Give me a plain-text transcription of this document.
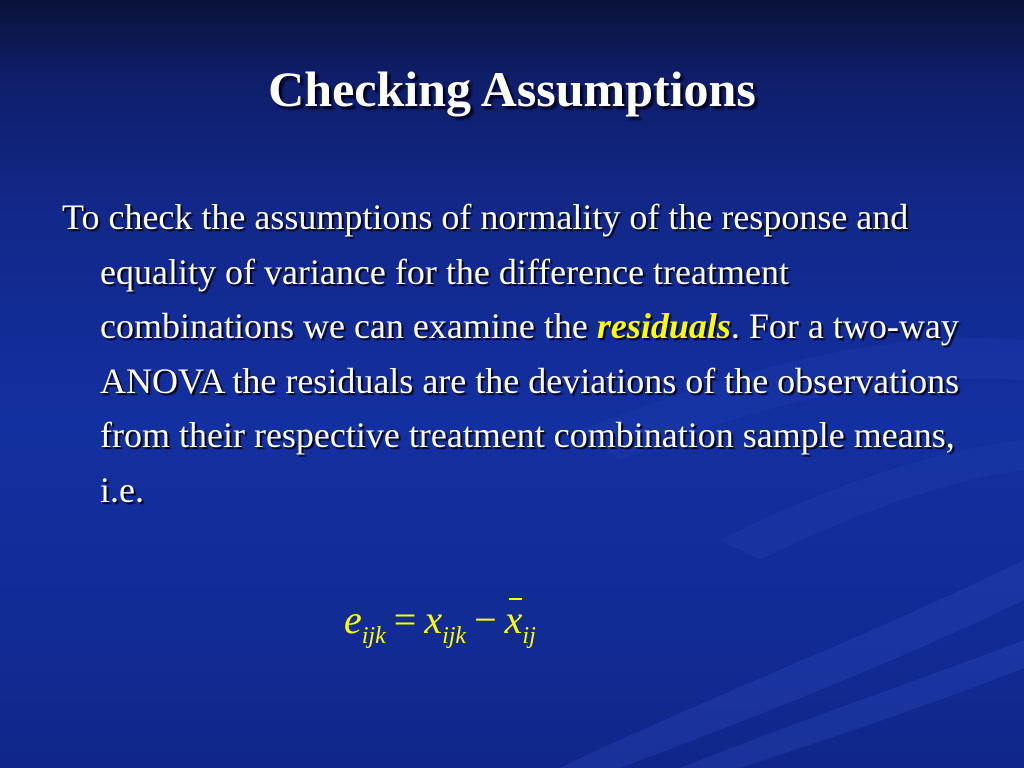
Checking Assumptions

To check the assumptions of normality of the response and equality of variance for the difference treatment combinations we can examine the residuals. For a two-way ANOVA the residuals are the deviations of the observations from their respective treatment combination sample means, i.e.

$e_{ijk} = x_{ijk} - x_{ij}$
